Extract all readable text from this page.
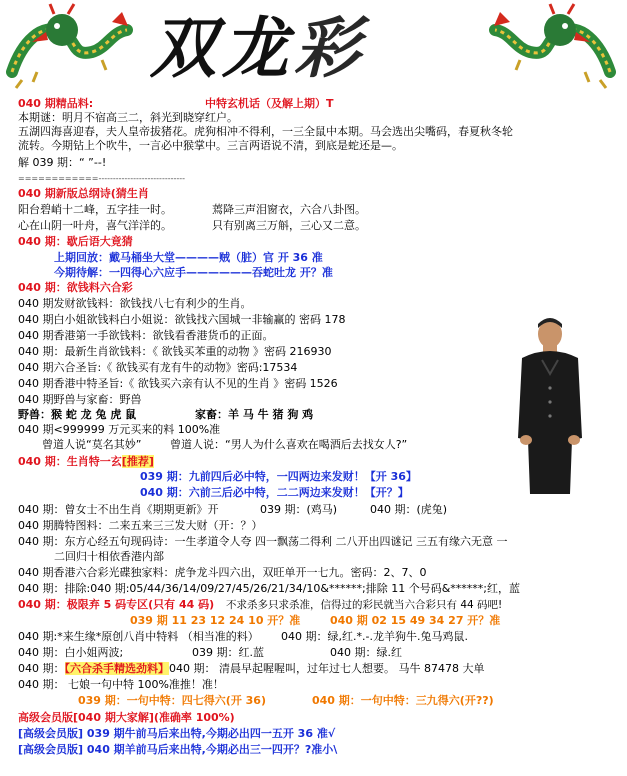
双龙彩
040 期精品料:	中特玄机话（及解上期）T
本期谜：明月不宿高三二，斜光到晓穿红户。
五湖四海喜迎春，夫人皇帝拔猪花。虎狗相冲不得利，一三全鼠中本期。马会选出尖嘴码，春夏秋冬轮
流转。今期钻上个吹牛，一言必中猴掌中。三言两语说不清，到底是蛇还是—。
解 039 期：“ ”--!
============------------------------------
040 期新版总纲诗(猜生肖
阳台碧峭十二峰，五字挂一时。	蔫降三声泪窗衣，六合八卦图。
心在山阴一叶舟，喜气洋洋的。	只有别离三万斛，三心又二意。
040 期：歇后语大竟猜
上期回放：戴马桶坐大堂————贼（脏）官 开 36 准
今期待解：一四得心六应手——————吞蛇吐龙 开？准
040 期：欲钱料六合彩
040 期发财欲钱料：欲钱找八七有利少的生肖。
040 期白小姐欲钱料白小姐说：欲钱找六国城一非输赢的 密码 178
040 期香港第一手欲钱料：欲钱看香港货币的正面。
040 期：最新生肖欲钱料：《 欲钱买苯重的动物 》密码 216930
040 期六合圣旨:《 欲钱买有龙有牛的动物》密码:17534
040 期香港中特圣旨:《 欲钱买六亲有认不见的生肖 》密码 1526
040 期野兽与家畜：野兽
野兽：猴 蛇 龙 兔 虎 鼠	家畜：羊 马 牛 猪 狗 鸡
040 期<999999 万元买来的料 100%准
曾道人说“莫名其妙”	曾道人说：“男人为什么喜欢在喝酒后去找女人?”
040 期：生肖特一玄[推荐]
039 期：九前四后必中特，一四两边来发财！【开 36】
040 期：六前三后必中特，二二两边来发财！【开？】
040 期：曾女士不出生肖《期期更新》开	039 期：(鸡马)	040 期：(虎兔)
040 期腾特图料：二来五来三三发大财（开：？）
040 期：东方心经五句现码诗：一生孝道令人夸 四一飘荡二得利 二八开出四谜记 三五有缘六无意 一
二回归十相依香港内部
040 期香港六合彩光碟独家料：虎争龙斗四六出，双旺单开一七九。密码：2、7、0
040 期：排除:040 期:05/44/36/14/09/27/45/26/21/34/10&******;排除 11 个号码&******;红，蓝
040 期：极限弃 5 码专区(只有 44 码) 不求杀多只求杀准，信得过的彩民就当六合彩只有 44 码吧!
039 期 11 23 12 24 10 开？准	040 期 02 15 49 34 27 开？准
040 期:*来生缘*原创八肖中特料 （相当准的料） 040 期：绿,红.*.-.龙羊狗牛.兔马鸡鼠.
040 期：白小姐两波;	039 期：红.蓝	040 期：绿.红
040 期：【六合杀手精选劲料】040 期： 清晨早起喔喔叫，过年过七人想要。 马牛 87478 大单
040 期： 七娘一句中特 100%准推！准！
039 期：一句中特：四七得六(开 36)	040 期：一句中特：三九得六(开??)
高级会员版[040 期大家解](准确率 100%)
[高级会员版] 039 期牛前马后来出特,今期必出四一五开 36 准√
[高级会员版] 040 期羊前马后来出特,今期必出三一四开？?准小\
